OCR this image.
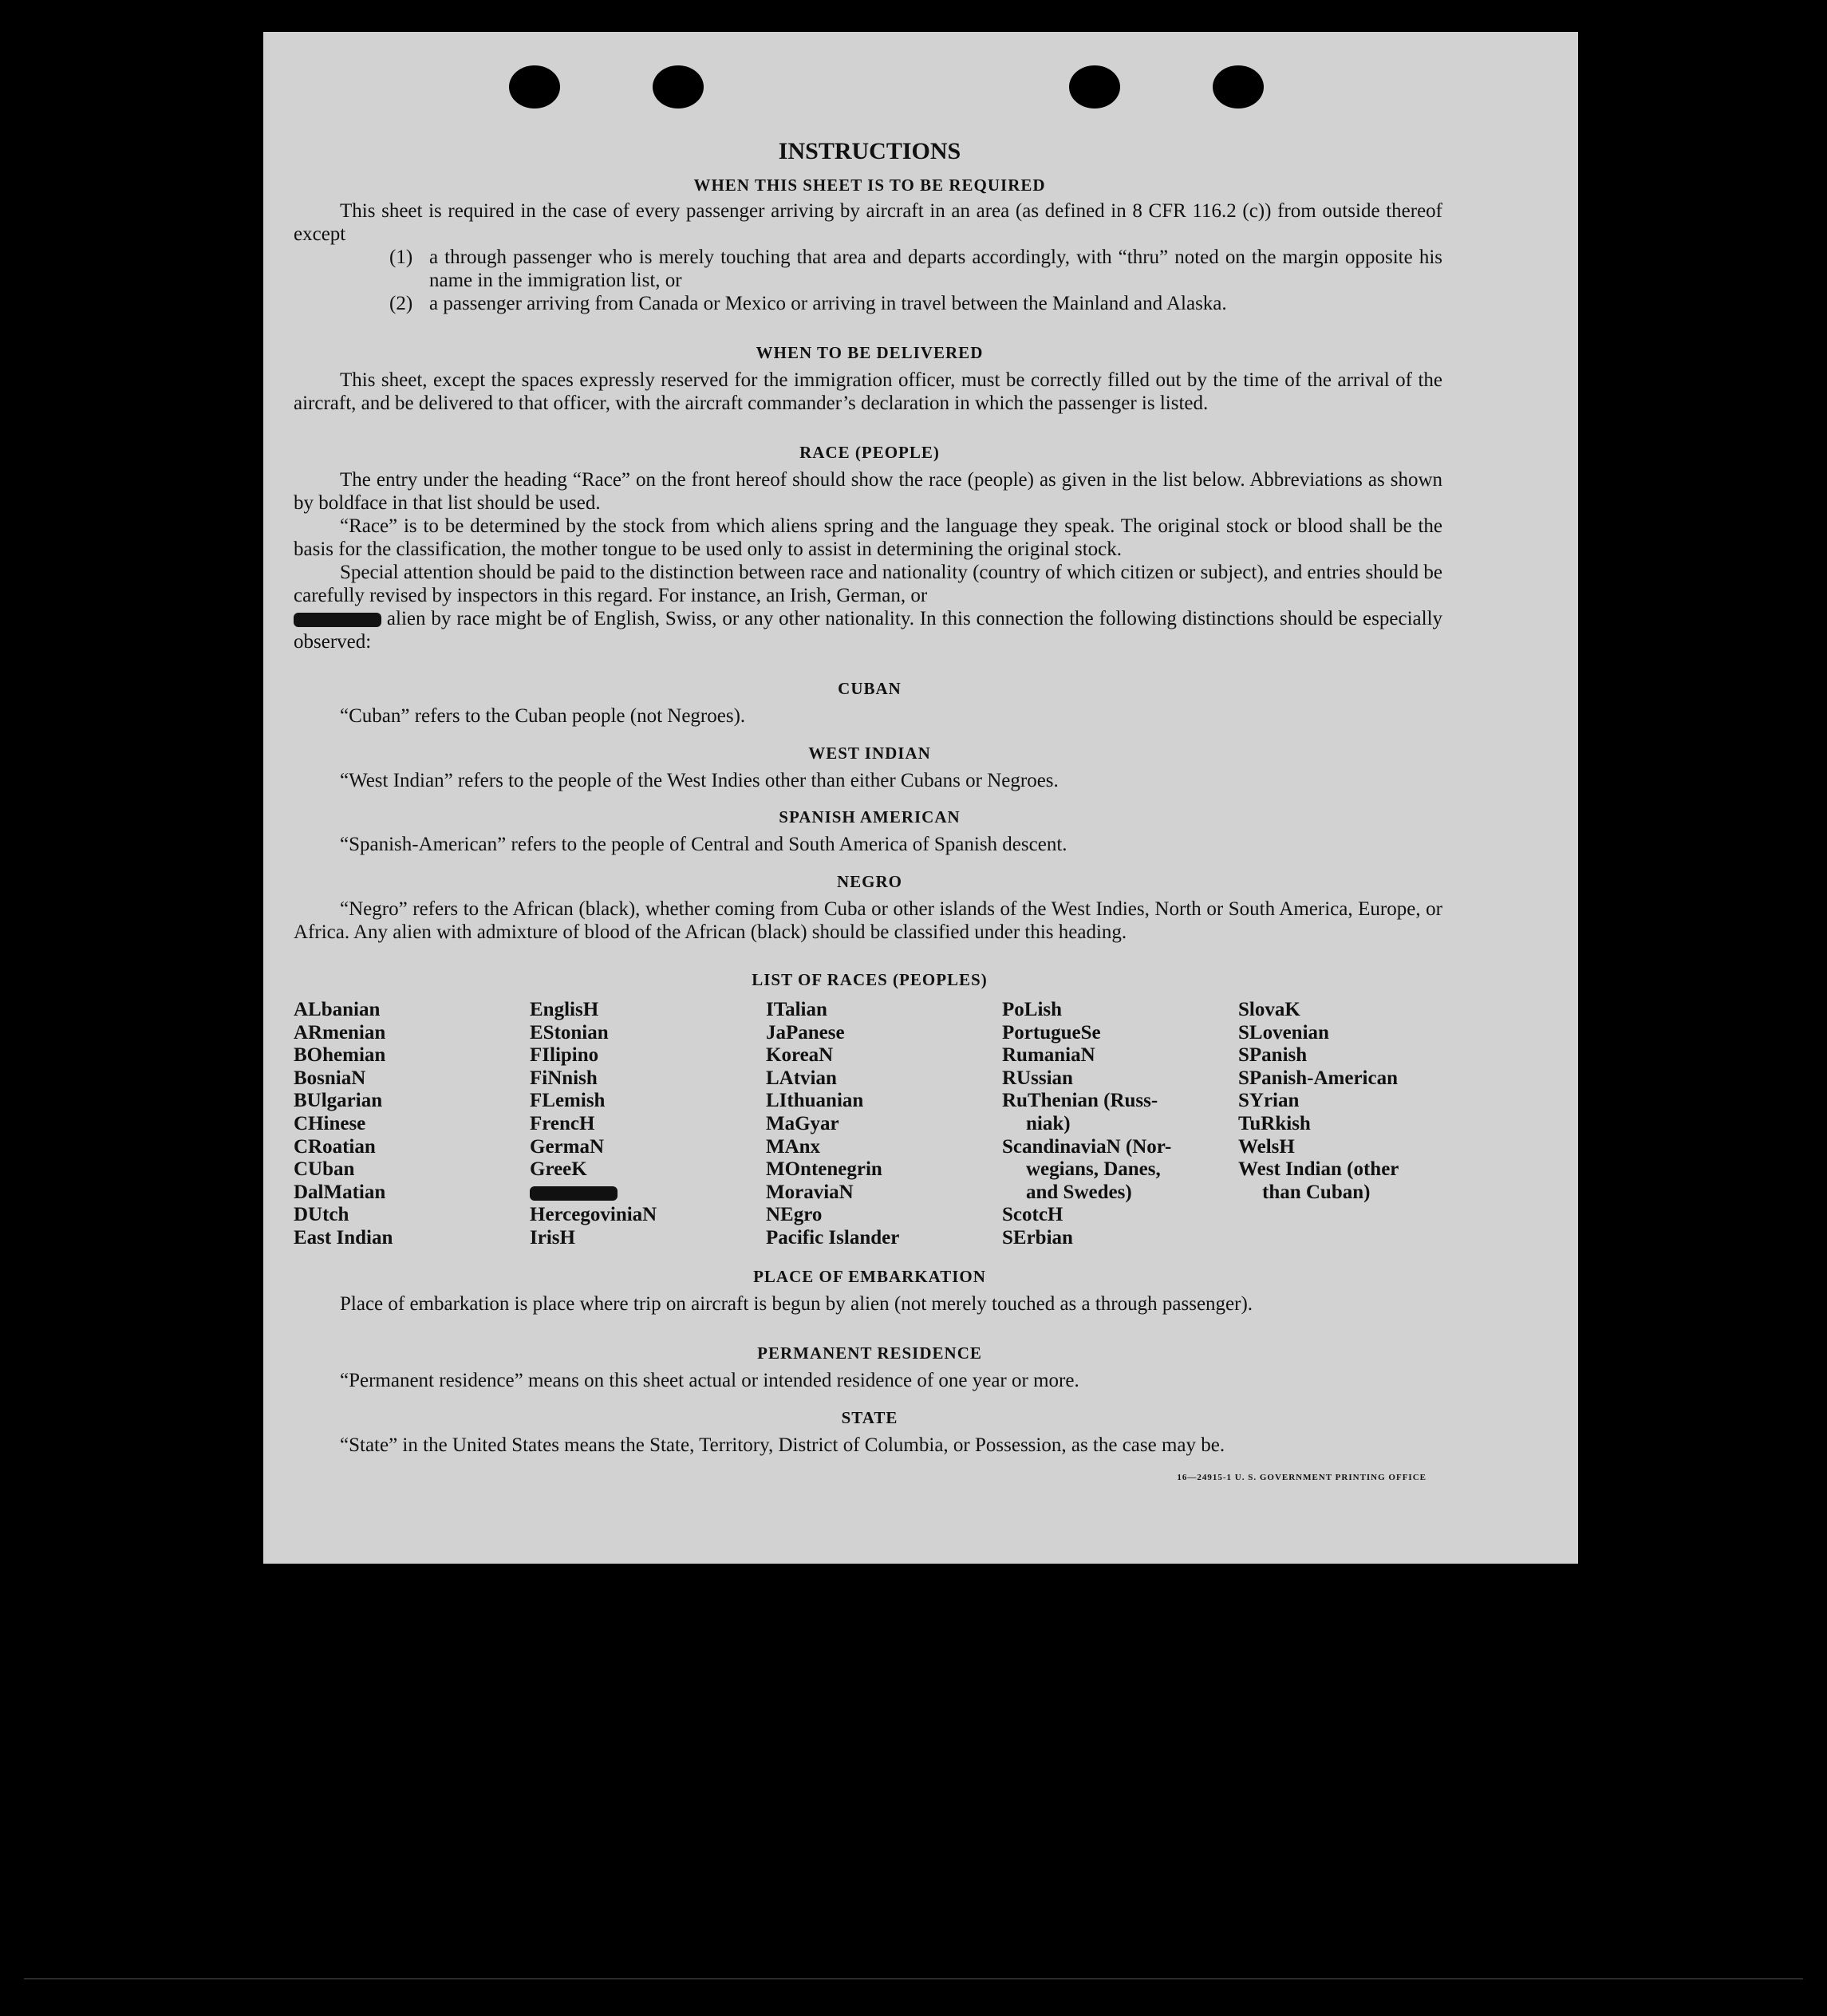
INSTRUCTIONS
WHEN THIS SHEET IS TO BE REQUIRED

This sheet is required in the case of every passenger arriving by aircraft in an area (as defined in 8 CFR 116.2 (c)) from outside thereof except

(1) a through passenger who is merely touching that area and departs accordingly, with “thru” noted on the margin opposite his name in the immigration list, or

(2) a passenger arriving from Canada or Mexico or arriving in travel between the Mainland and Alaska.

WHEN TO BE DELIVERED

This sheet, except the spaces expressly reserved for the immigration officer, must be correctly filled out by the time of the arrival of the aircraft, and be delivered to that officer, with the aircraft commander’s declaration in which the passenger is listed.

RACE (PEOPLE)

The entry under the heading “Race” on the front hereof should show the race (people) as given in the list below. Abbreviations as shown by boldface in that list should be used.

“Race” is to be determined by the stock from which aliens spring and the language they speak. The original stock or blood shall be the basis for the classification, the mother tongue to be used only to assist in determining the original stock.

Special attention should be paid to the distinction between race and nationality (country of which citizen or subject), and entries should be carefully revised by inspectors in this regard. For instance, an Irish, German, or

alien by race might be of English, Swiss, or any other nationality. In this connection the following distinctions should be especially observed:

CUBAN

“Cuban” refers to the Cuban people (not Negroes).

WEST INDIAN

“West Indian” refers to the people of the West Indies other than either Cubans or Negroes.

SPANISH AMERICAN

“Spanish-American” refers to the people of Central and South America of Spanish descent.

NEGRO

“Negro” refers to the African (black), whether coming from Cuba or other islands of the West Indies, North or South America, Europe, or Africa. Any alien with admixture of blood of the African (black) should be classified under this heading.

LIST OF RACES (PEOPLES)
ALbanian
ARmenian
BOhemian
BosniaN
BUlgarian
CHinese
CRoatian
CUban
DalMatian
DUtch
East Indian
EnglisH
EStonian
FIlipino
FiNnish
FLemish
FrencH
GermaN
GreeK
HercegoviniaN
IrisH
ITalian
JaPanese
KoreaN
LAtvian
LIthuanian
MaGyar
MAnx
MOntenegrin
MoraviaN
NEgro
Pacific Islander
PoLish
PortugueSe
RumaniaN
RUssian
RuThenian (Russ-
niak)
ScandinaviaN (Nor-
wegians, Danes,
and Swedes)
ScotcH
SErbian
SlovaK
SLovenian
SPanish
SPanish-American
SYrian
TuRkish
WelsH
West Indian (other
than Cuban)
PLACE OF EMBARKATION

Place of embarkation is place where trip on aircraft is begun by alien (not merely touched as a through passenger).

PERMANENT RESIDENCE

“Permanent residence” means on this sheet actual or intended residence of one year or more.

STATE

“State” in the United States means the State, Territory, District of Columbia, or Possession, as the case may be.

16—24915-1 U. S. GOVERNMENT PRINTING OFFICE
